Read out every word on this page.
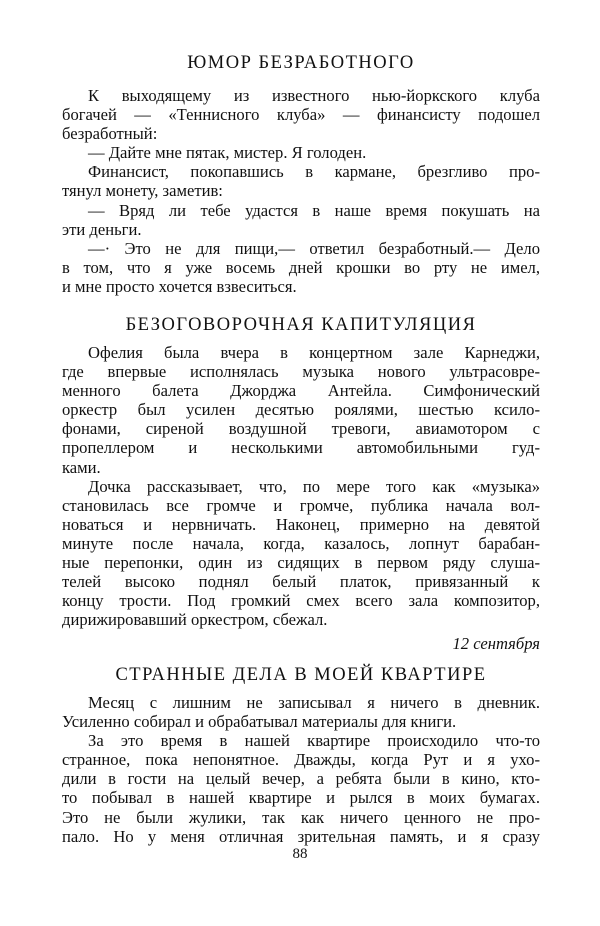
ЮМОР БЕЗРАБОТНОГО

К выходящему из известного нью-йоркского клуба
богачей — «Теннисного клуба» — финансисту подошел
безработный:

— Дайте мне пятак, мистер. Я голоден.

Финансист, покопавшись в кармане, брезгливо про-
тянул монету, заметив:

— Вряд ли тебе удастся в наше время покушать на
эти деньги.

—· Это не для пищи,— ответил безработный.— Дело
в том, что я уже восемь дней крошки во рту не имел,
и мне просто хочется взвеситься.

БЕЗОГОВОРОЧНАЯ КАПИТУЛЯЦИЯ

Офелия была вчера в концертном зале Карнеджи,
где впервые исполнялась музыка нового ультрасовре-
менного балета Джорджа Антейла. Симфонический
оркестр был усилен десятью роялями, шестью ксило-
фонами, сиреной воздушной тревоги, авиамотором с
пропеллером и несколькими автомобильными гуд-
ками.

Дочка рассказывает, что, по мере того как «музыка»
становилась все громче и громче, публика начала вол-
новаться и нервничать. Наконец, примерно на девятой
минуте после начала, когда, казалось, лопнут барабан-
ные перепонки, один из сидящих в первом ряду слуша-
телей высоко поднял белый платок, привязанный к
концу трости. Под громкий смех всего зала композитор,
дирижировавший оркестром, сбежал.

12 сентября
СТРАННЫЕ ДЕЛА В МОЕЙ КВАРТИРЕ

Месяц с лишним не записывал я ничего в дневник.
Усиленно собирал и обрабатывал материалы для книги.

За это время в нашей квартире происходило что-то
странное, пока непонятное. Дважды, когда Рут и я ухо-
дили в гости на целый вечер, а ребята были в кино, кто-
то побывал в нашей квартире и рылся в моих бумагах.
Это не были жулики, так как ничего ценного не про-
пало. Но у меня отличная зрительная память, и я сразу

88
